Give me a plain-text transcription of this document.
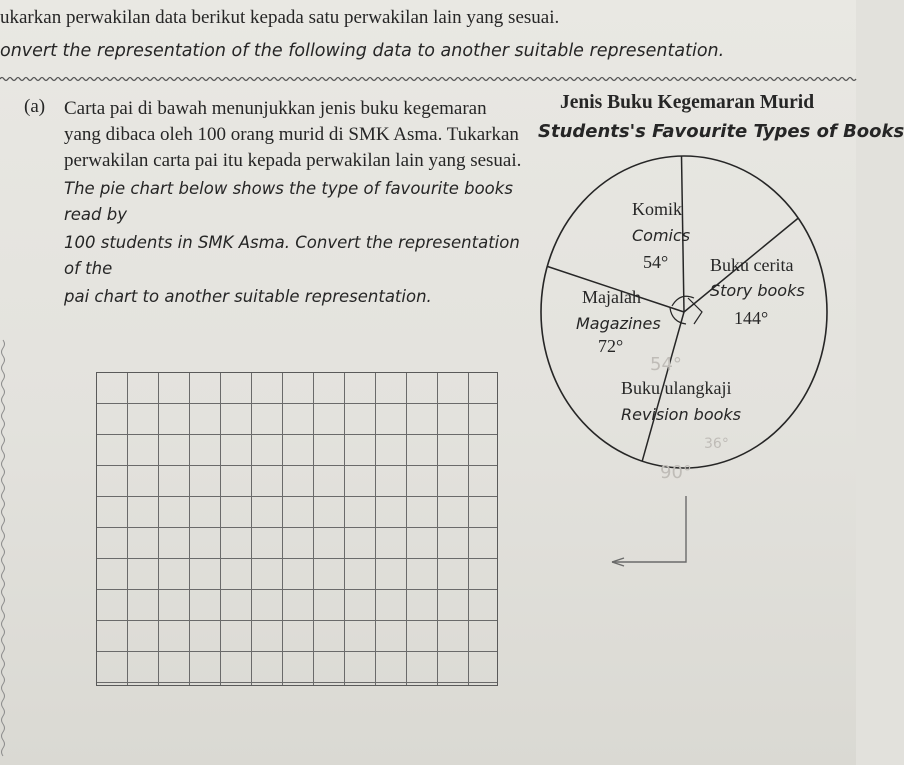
ukarkan perwakilan data berikut kepada satu perwakilan lain yang sesuai.
onvert the representation of the following data to another suitable representation.
(a) Carta pai di bawah menunjukkan jenis buku kegemaran

yang dibaca oleh 100 orang murid di SMK Asma. Tukarkan

perwakilan carta pai itu kepada perwakilan lain yang sesuai.

The pie chart below shows the type of favourite books read by

100 students in SMK Asma. Convert the representation of the

pai chart to another suitable representation.

Jenis Buku Kegemaran Murid
Students's Favourite Types of Books
Komik
Comics
54° Buku cerita
Story books
144°
Buku ulangkaji
Revision books
Majalah
Magazines
72°
54°
36°
90°
